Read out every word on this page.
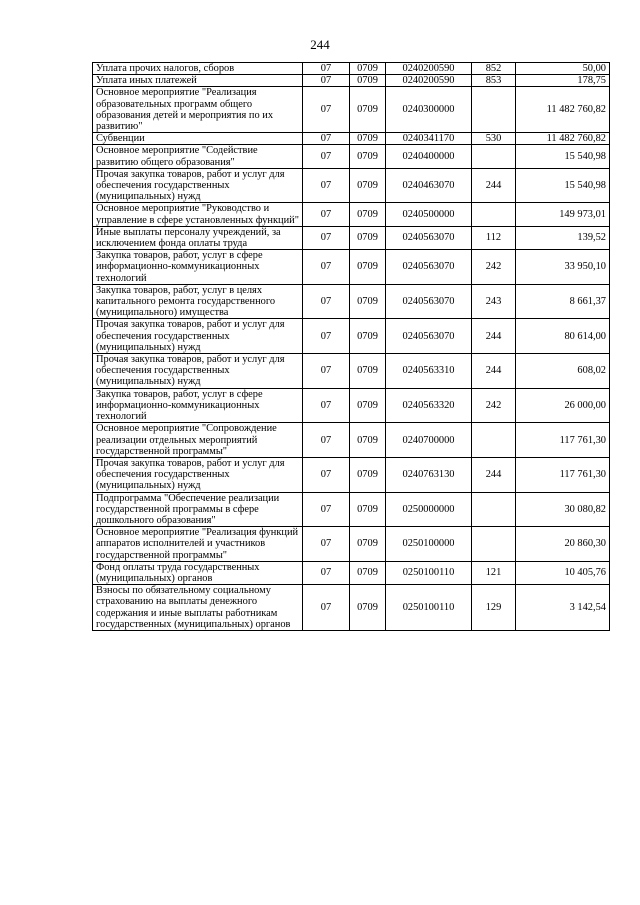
244
Уплата прочих налогов, сборов	07	0709	0240200590	852	50,00
Уплата иных платежей	07	0709	0240200590	853	178,75
Основное мероприятие "Реализация образовательных программ общего образования детей и мероприятия по их развитию"	07	0709	0240300000		11 482 760,82
Субвенции	07	0709	0240341170	530	11 482 760,82
Основное мероприятие "Содействие развитию общего образования"	07	0709	0240400000		15 540,98
Прочая закупка товаров, работ и услуг для обеспечения государственных (муниципальных) нужд	07	0709	0240463070	244	15 540,98
Основное мероприятие "Руководство и управление в сфере установленных функций"	07	0709	0240500000		149 973,01
Иные выплаты персоналу учреждений, за исключением фонда оплаты труда	07	0709	0240563070	112	139,52
Закупка товаров, работ, услуг в сфере информационно-коммуникационных технологий	07	0709	0240563070	242	33 950,10
Закупка товаров, работ, услуг в целях капитального ремонта государственного (муниципального) имущества	07	0709	0240563070	243	8 661,37
Прочая закупка товаров, работ и услуг для обеспечения государственных (муниципальных) нужд	07	0709	0240563070	244	80 614,00
Прочая закупка товаров, работ и услуг для обеспечения государственных (муниципальных) нужд	07	0709	0240563310	244	608,02
Закупка товаров, работ, услуг в сфере информационно-коммуникационных технологий	07	0709	0240563320	242	26 000,00
Основное мероприятие "Сопровождение реализации отдельных мероприятий государственной программы"	07	0709	0240700000		117 761,30
Прочая закупка товаров, работ и услуг для обеспечения государственных (муниципальных) нужд	07	0709	0240763130	244	117 761,30
Подпрограмма "Обеспечение реализации государственной программы в сфере дошкольного образования"	07	0709	0250000000		30 080,82
Основное мероприятие "Реализация функций аппаратов исполнителей и участников государственной программы"	07	0709	0250100000		20 860,30
Фонд оплаты труда государственных (муниципальных) органов	07	0709	0250100110	121	10 405,76
Взносы по обязательному социальному страхованию на выплаты денежного содержания и иные выплаты работникам государственных (муниципальных) органов	07	0709	0250100110	129	3 142,54
